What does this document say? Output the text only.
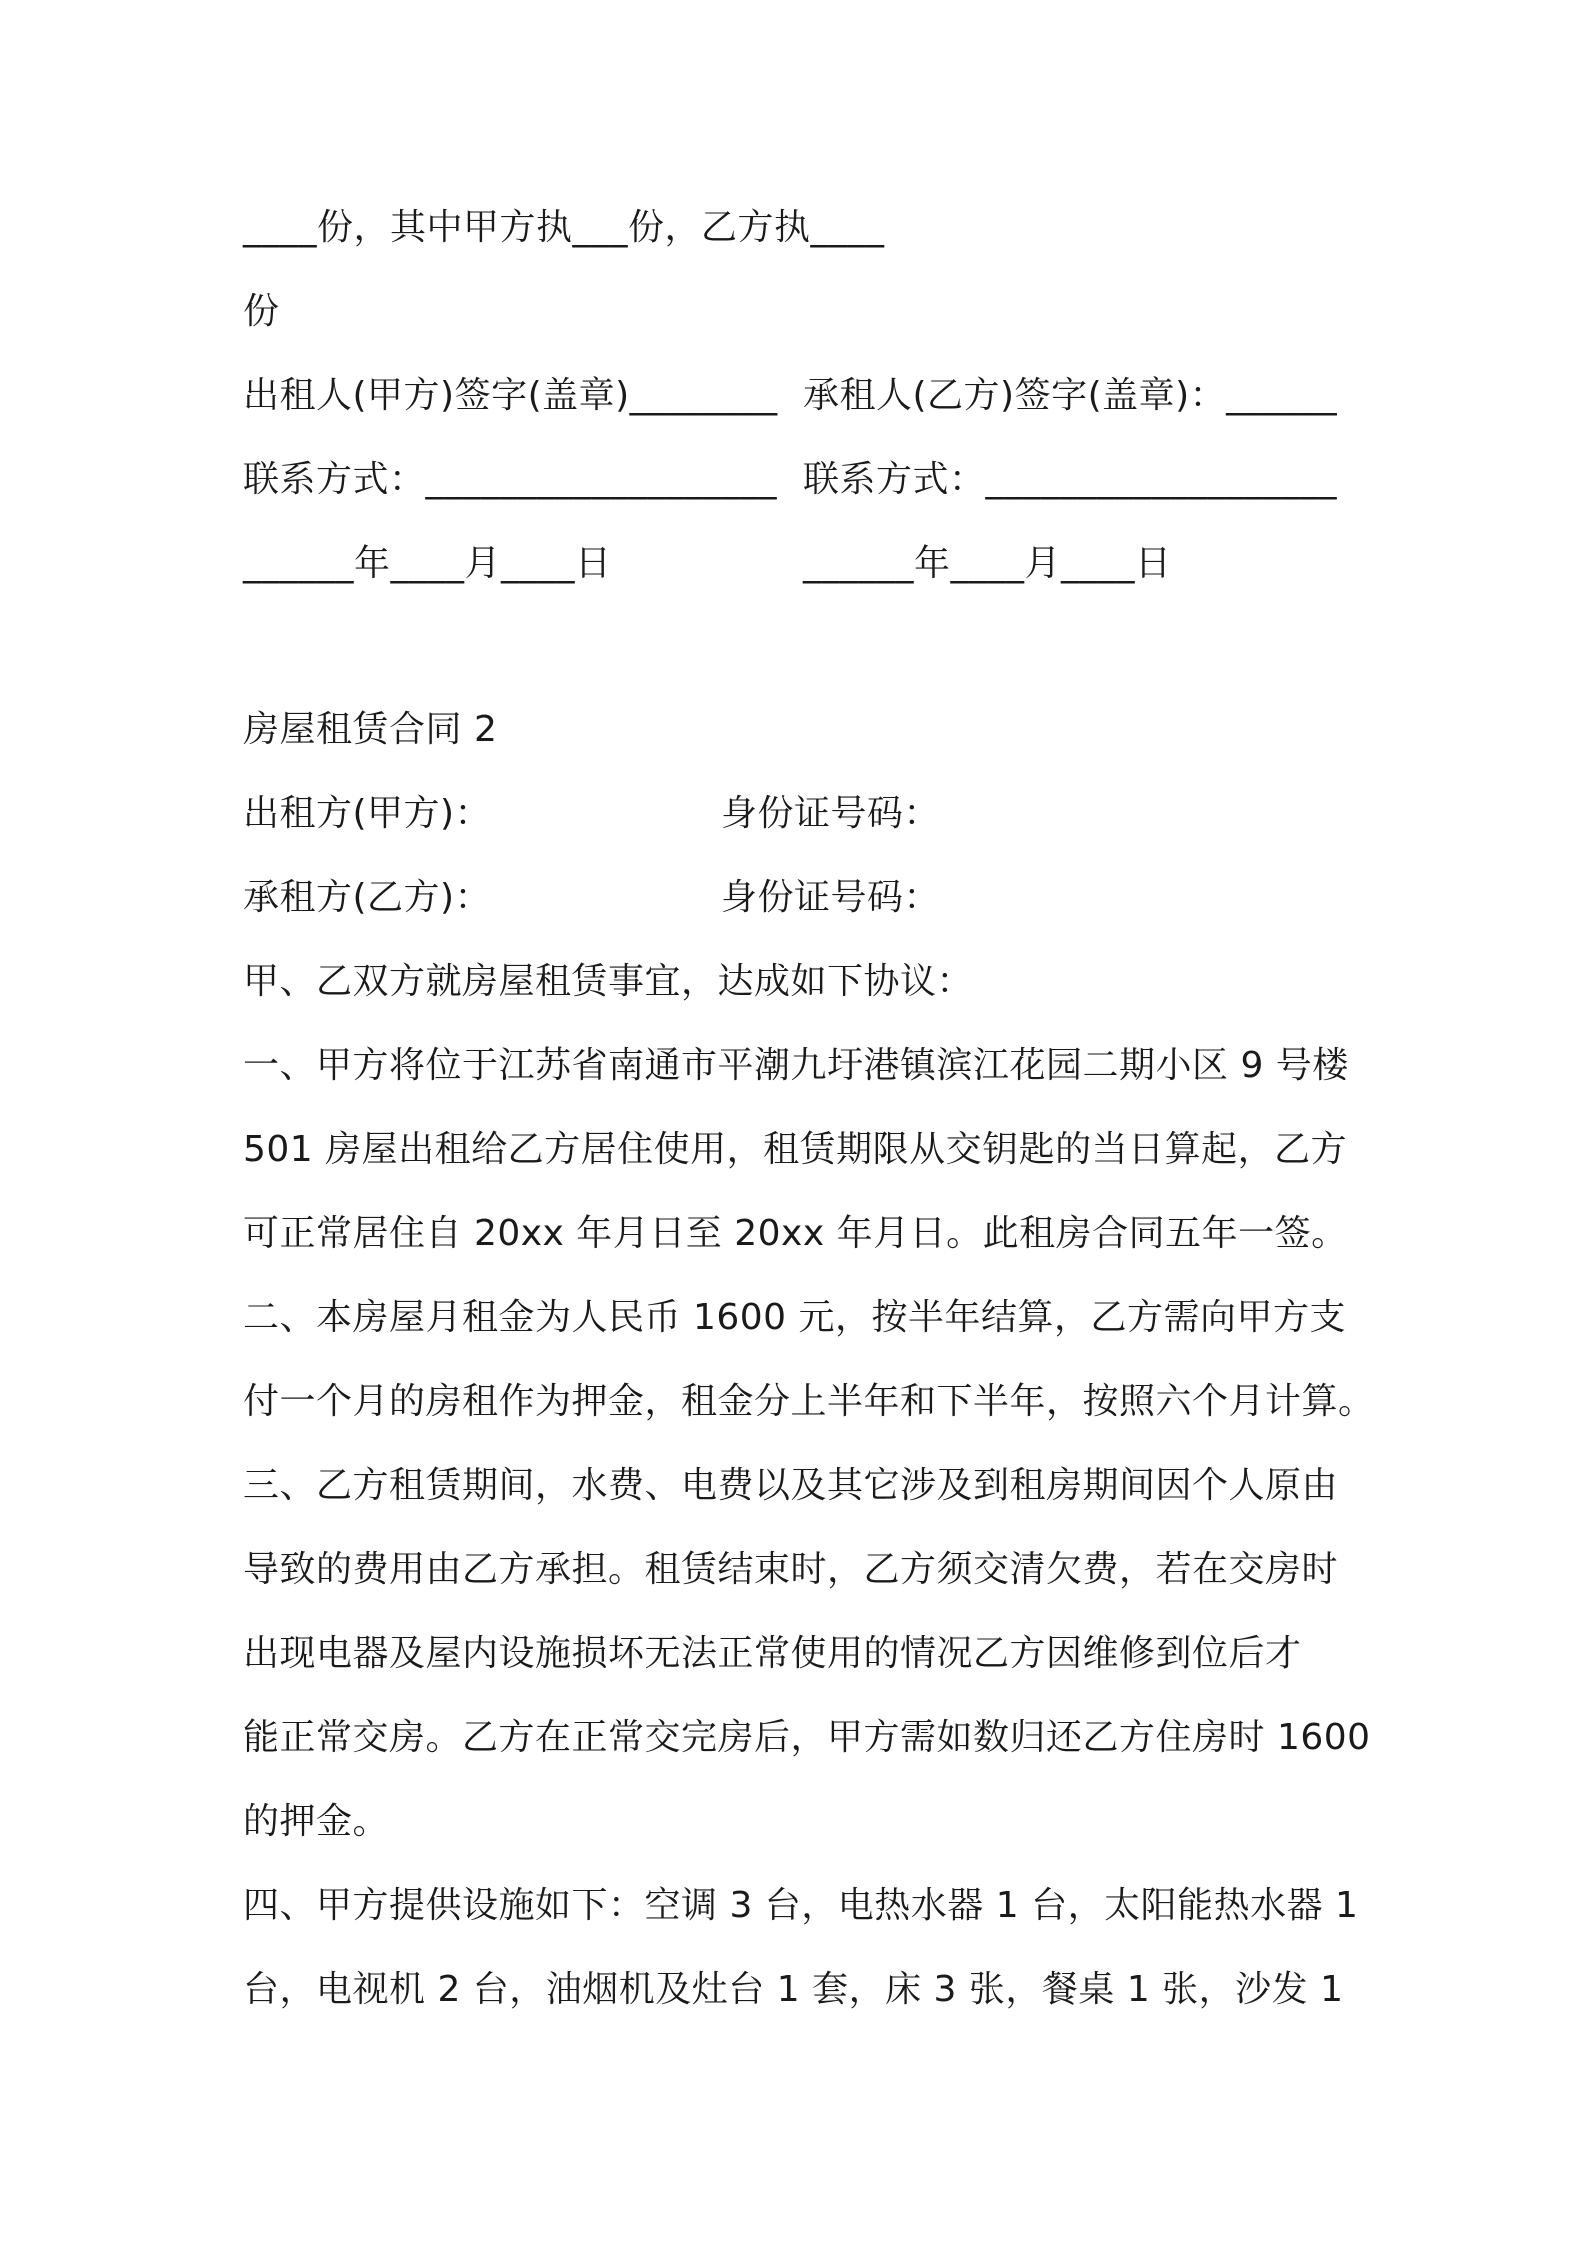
____份，其中甲方执___份，乙方执____
份
出租人(甲方)签字(盖章)________ 承租人(乙方)签字(盖章)：______
联系方式：___________________ 联系方式：___________________
______年____月____日	______年____月____日
房屋租赁合同 2
出租方(甲方)：	身份证号码：
承租方(乙方)：	身份证号码：
甲、乙双方就房屋租赁事宜，达成如下协议：
一、甲方将位于江苏省南通市平潮九圩港镇滨江花园二期小区 9 号楼
501 房屋出租给乙方居住使用，租赁期限从交钥匙的当日算起，乙方
可正常居住自 20xx 年月日至 20xx 年月日。此租房合同五年一签。
二、本房屋月租金为人民币 1600 元，按半年结算，乙方需向甲方支
付一个月的房租作为押金，租金分上半年和下半年，按照六个月计算。
三、乙方租赁期间，水费、电费以及其它涉及到租房期间因个人原由
导致的费用由乙方承担。租赁结束时，乙方须交清欠费，若在交房时
出现电器及屋内设施损坏无法正常使用的情况乙方因维修到位后才
能正常交房。乙方在正常交完房后，甲方需如数归还乙方住房时 1600
的押金。
四、甲方提供设施如下：空调 3 台，电热水器 1 台，太阳能热水器 1
台，电视机 2 台，油烟机及灶台 1 套，床 3 张，餐桌 1 张，沙发 1
